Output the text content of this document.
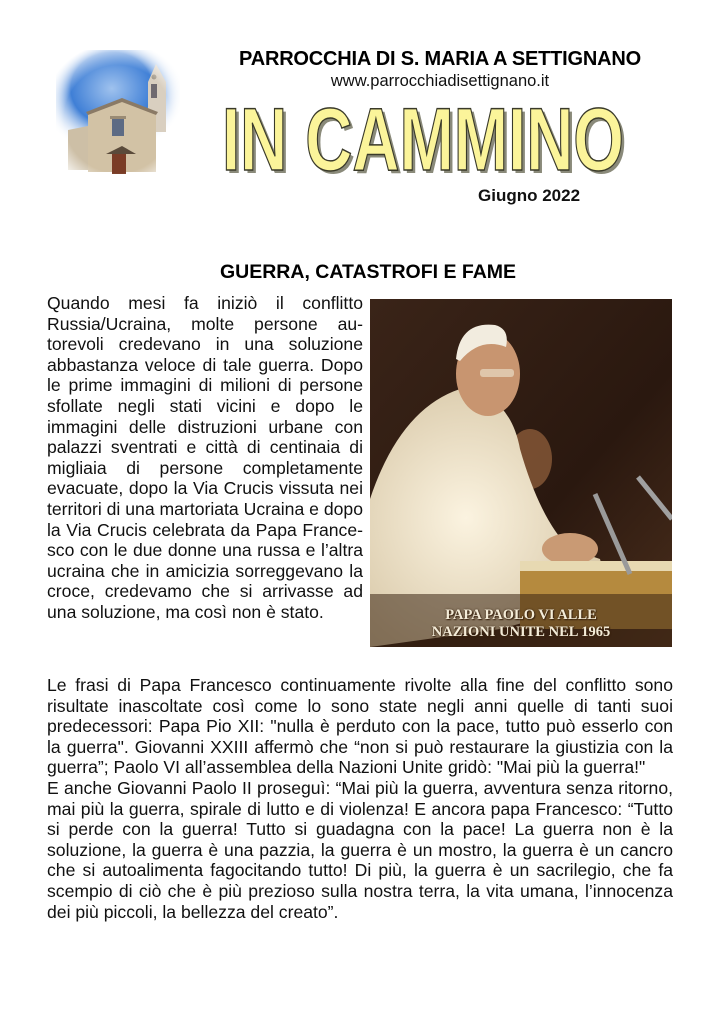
PARROCCHIA DI S. MARIA A SETTIGNANO
www.parrocchiadisettignano.it
IN CAMMINO
IN CAMMINO
Giugno 2022
GUERRA, CATASTROFI E FAME

Quando mesi fa iniziò il conflitto Russia/Ucraina, molte persone autorevoli credevano in una soluzione abbastanza veloce di tale guerra. Dopo le prime immagini di milioni di persone sfollate negli stati vicini e dopo le immagini delle distruzioni urbane con palazzi sventrati e città di centinaia di migliaia di persone completamente evacuate, dopo la Via Crucis vissuta nei territori di una martoriata Ucraina e dopo la Via Crucis celebrata da Papa Francesco con le due donne una russa e l’altra ucraina che in amicizia sorreggevano la croce, credevamo che si arrivasse ad una soluzione, ma così non è stato.	PAPA PAOLO VI ALLE
NAZIONI UNITE NEL 1965

Le frasi di Papa Francesco continuamente rivolte alla fine del conflitto sono risultate inascoltate così come lo sono state negli anni quelle di tanti suoi predecessori: Papa Pio XII: "nulla è perduto con la pace, tutto può esserlo con la guerra". Giovanni XXIII affermò che “non si può restaurare la giustizia con la guerra”; Paolo VI all’assemblea della Nazioni Unite gridò: "Mai più la guerra!"

E anche Giovanni Paolo II proseguì: “Mai più la guerra, avventura senza ritorno, mai più la guerra, spirale di lutto e di violenza! E ancora papa Francesco: “Tutto si perde con la guerra! Tutto si guadagna con la pace! La guerra non è la soluzione, la guerra è una pazzia, la guerra è un mostro, la guerra è un cancro che si autoalimenta fagocitando tutto! Di più, la guerra è un sacrilegio, che fa scempio di ciò che è più prezioso sulla nostra terra, la vita umana, l’innocenza dei più piccoli, la bellezza del creato”.
